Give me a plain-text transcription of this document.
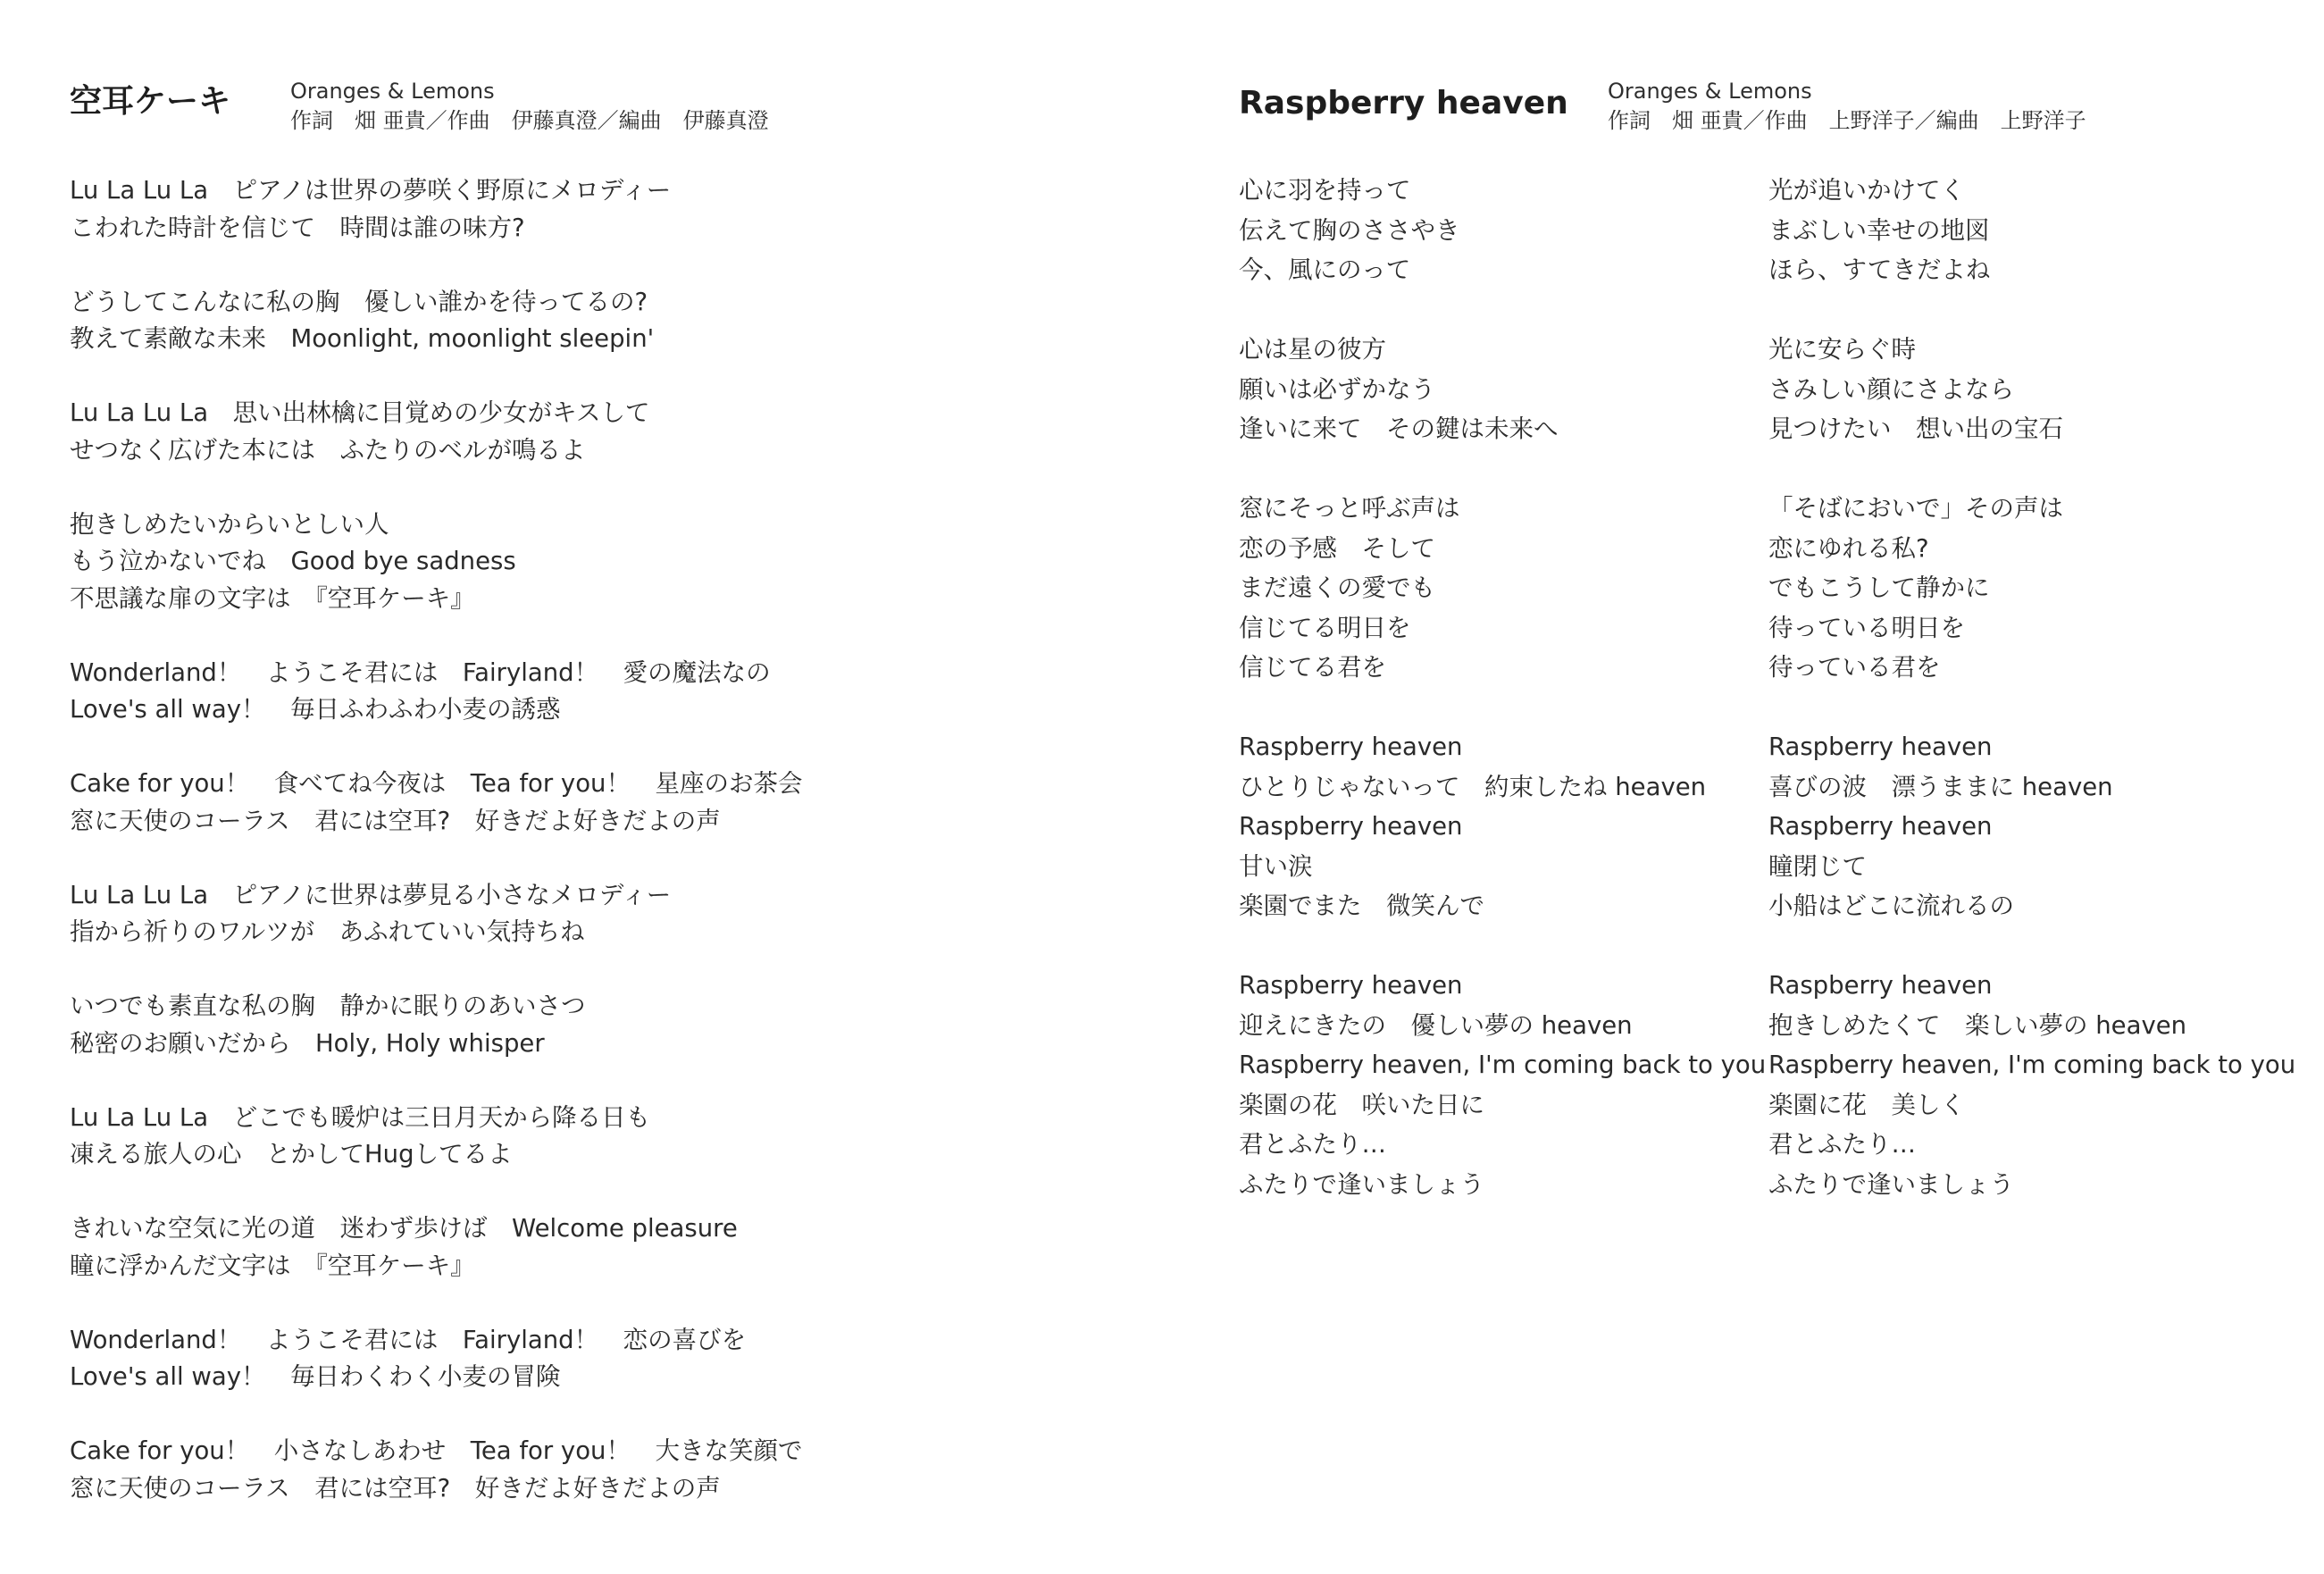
空耳ケーキ	Oranges & Lemons
作詞　畑 亜貴／作曲　伊藤真澄／編曲　伊藤真澄
Lu La Lu La　ピアノは世界の夢咲く野原にメロディー
こわれた時計を信じて　時間は誰の味方?
どうしてこんなに私の胸　優しい誰かを待ってるの?
教えて素敵な未来　Moonlight, moonlight sleepin'
Lu La Lu La　思い出林檎に目覚めの少女がキスして
せつなく広げた本には　ふたりのベルが鳴るよ
抱きしめたいからいとしい人
もう泣かないでね　Good bye sadness
不思議な扉の文字は　『空耳ケーキ』
Wonderland！　ようこそ君には　Fairyland！　愛の魔法なの
Love's all way！　毎日ふわふわ小麦の誘惑
Cake for you！　食べてね今夜は　Tea for you！　星座のお茶会
窓に天使のコーラス　君には空耳?　好きだよ好きだよの声
Lu La Lu La　ピアノに世界は夢見る小さなメロディー
指から祈りのワルツが　あふれていい気持ちね
いつでも素直な私の胸　静かに眠りのあいさつ
秘密のお願いだから　Holy, Holy whisper
Lu La Lu La　どこでも暖炉は三日月天から降る日も
凍える旅人の心　とかしてHugしてるよ
きれいな空気に光の道　迷わず歩けば　Welcome pleasure
瞳に浮かんだ文字は　『空耳ケーキ』
Wonderland！　ようこそ君には　Fairyland！　恋の喜びを
Love's all way！　毎日わくわく小麦の冒険
Cake for you！　小さなしあわせ　Tea for you！　大きな笑顔で
窓に天使のコーラス　君には空耳?　好きだよ好きだよの声
Raspberry heaven Oranges & Lemons
作詞　畑 亜貴／作曲　上野洋子／編曲　上野洋子
心に羽を持って
伝えて胸のささやき
今、風にのって
心は星の彼方
願いは必ずかなう
逢いに来て　その鍵は未来へ
窓にそっと呼ぶ声は
恋の予感　そして
まだ遠くの愛でも
信じてる明日を
信じてる君を
Raspberry heaven
ひとりじゃないって　約束したね heaven
Raspberry heaven
甘い涙
楽園でまた　微笑んで
Raspberry heaven
迎えにきたの　優しい夢の heaven
Raspberry heaven, I'm coming back to you
楽園の花　咲いた日に
君とふたり…
ふたりで逢いましょう
光が追いかけてく
まぶしい幸せの地図
ほら、すてきだよね
光に安らぐ時
さみしい顔にさよなら
見つけたい　想い出の宝石
「そばにおいで」その声は
恋にゆれる私?
でもこうして静かに
待っている明日を
待っている君を
Raspberry heaven
喜びの波　漂うままに heaven
Raspberry heaven
瞳閉じて
小船はどこに流れるの
Raspberry heaven
抱きしめたくて　楽しい夢の heaven
Raspberry heaven, I'm coming back to you
楽園に花　美しく
君とふたり…
ふたりで逢いましょう
